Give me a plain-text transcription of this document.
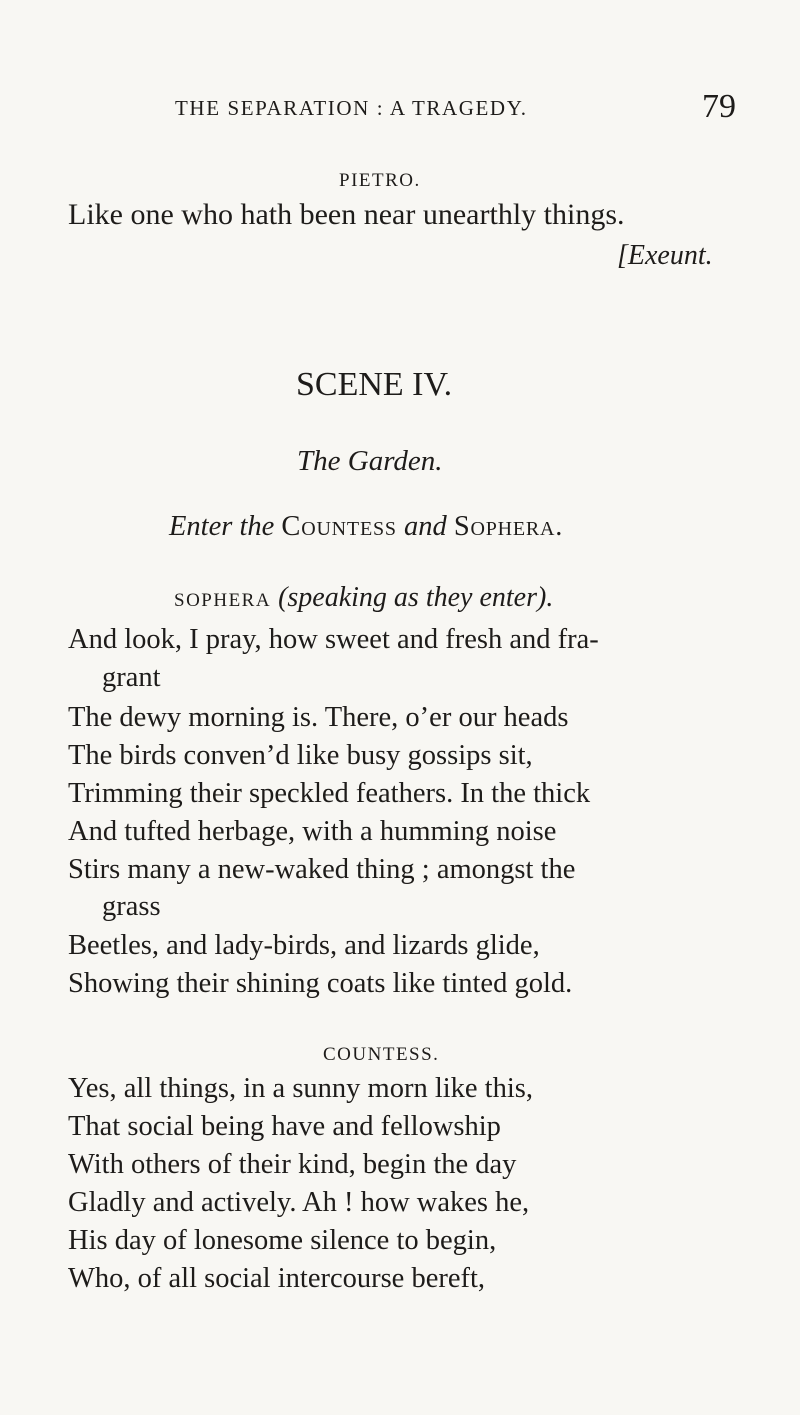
THE SEPARATION : A TRAGEDY.	79
PIETRO.
Like one who hath been near unearthly things.
[Exeunt.
SCENE IV.
The Garden.
Enter the Countess and Sophera.
SOPHERA (speaking as they enter).
And look, I pray, how sweet and fresh and fra-
grant
The dewy morning is. There, o’er our heads
The birds conven’d like busy gossips sit,
Trimming their speckled feathers. In the thick
And tufted herbage, with a humming noise
Stirs many a new-waked thing ; amongst the
grass
Beetles, and lady-birds, and lizards glide,
Showing their shining coats like tinted gold.
COUNTESS.
Yes, all things, in a sunny morn like this,
That social being have and fellowship
With others of their kind, begin the day
Gladly and actively. Ah ! how wakes he,
His day of lonesome silence to begin,
Who, of all social intercourse bereft,
